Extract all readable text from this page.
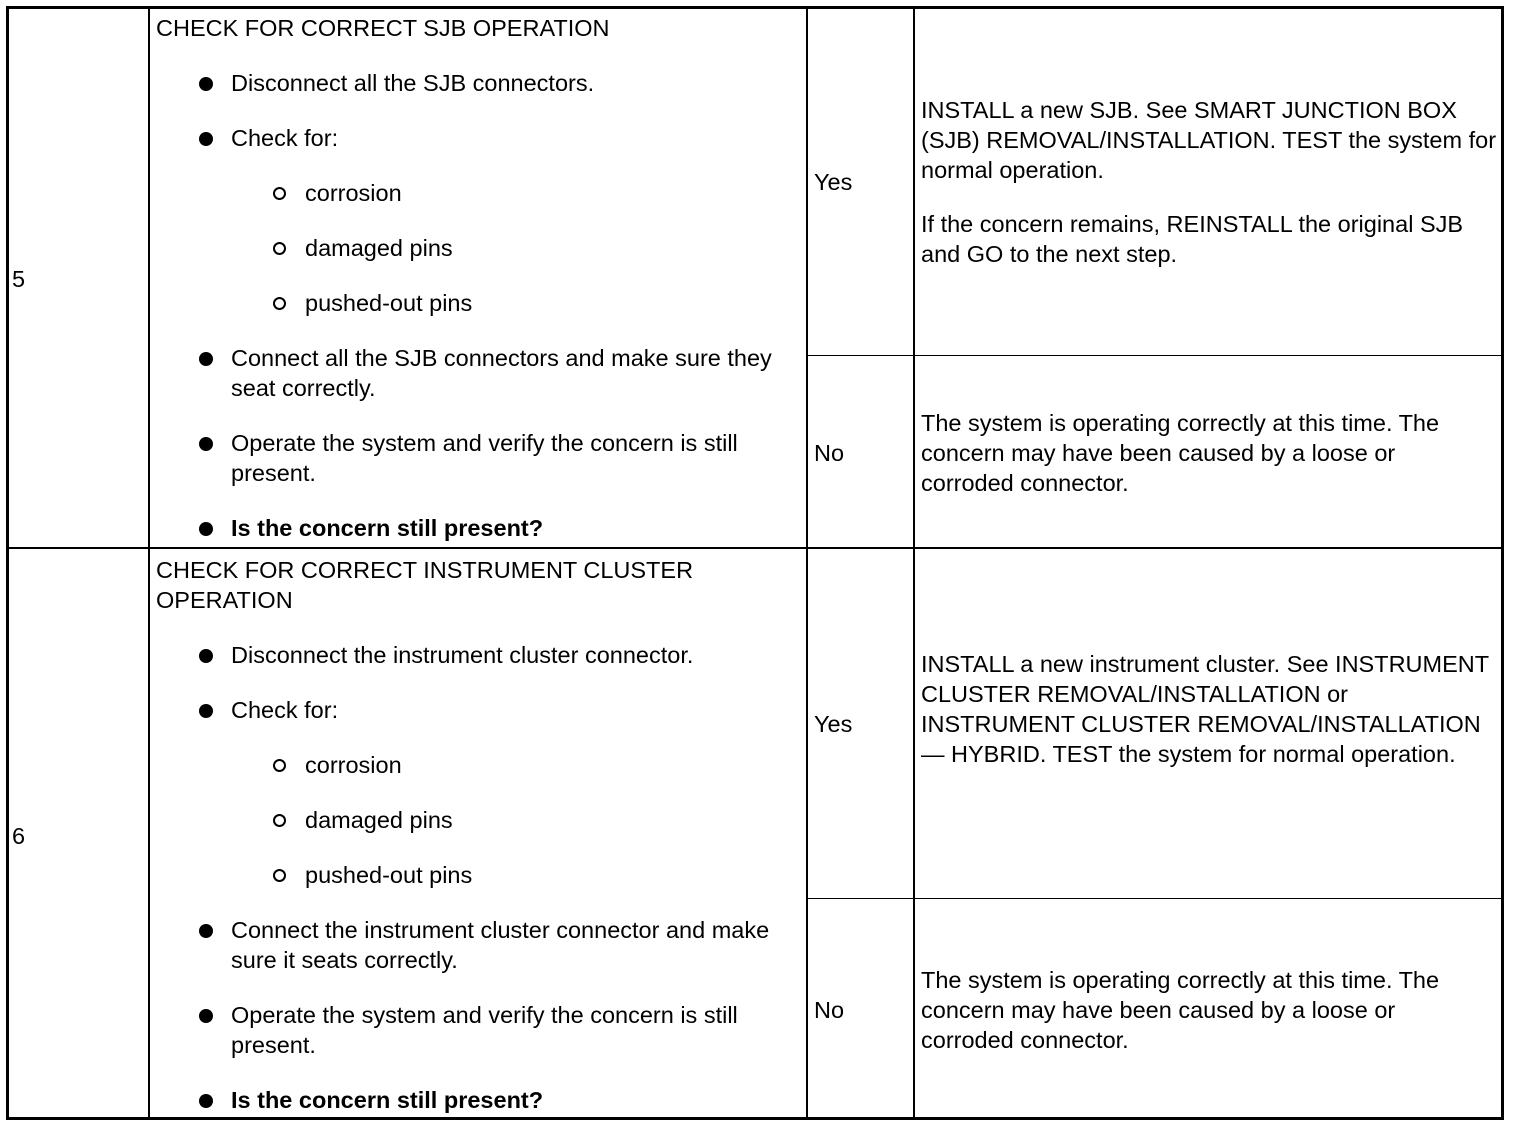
5
CHECK FOR CORRECT SJB OPERATION
Disconnect all the SJB connectors.
Check for:
corrosion
damaged pins
pushed-out pins
Connect all the SJB connectors and make sure they seat correctly.
Operate the system and verify the concern is still present.
Is the concern still present?
Yes
INSTALL a new SJB. See SMART JUNCTION BOX (SJB) REMOVAL/INSTALLATION. TEST the system for normal operation.
If the concern remains, REINSTALL the original SJB and GO to the next step.
No
The system is operating correctly at this time. The concern may have been caused by a loose or corroded connector.
6
CHECK FOR CORRECT INSTRUMENT CLUSTER OPERATION
Disconnect the instrument cluster connector.
Check for:
corrosion
damaged pins
pushed-out pins
Connect the instrument cluster connector and make sure it seats correctly.
Operate the system and verify the concern is still present.
Is the concern still present?
Yes
INSTALL a new instrument cluster. See INSTRUMENT CLUSTER REMOVAL/INSTALLATION or INSTRUMENT CLUSTER REMOVAL/INSTALLATION — HYBRID. TEST the system for normal operation.
No
The system is operating correctly at this time. The concern may have been caused by a loose or corroded connector.
